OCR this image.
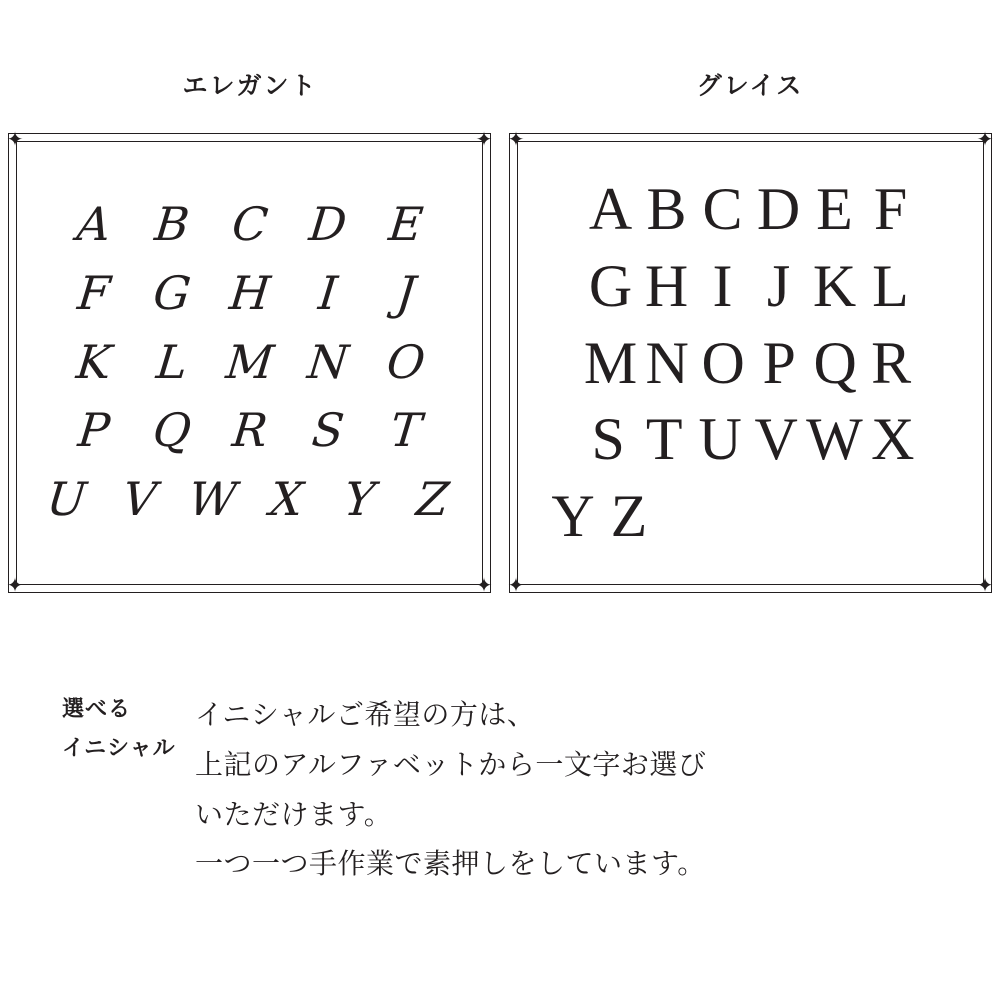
エレガント	グレイス
✦	✦
✦	✦
A B C D E
F G H I	J
K L M N O
P Q R S T
U V W X Y Z
✦	✦
✦	✦
A B C D E F
G H I J K L
M N O P Q R
S T U V W X
Y Z
選べる
イニシャル
イニシャルご希望の方は、
上記のアルファベットから一文字お選び
いただけます。
一つ一つ手作業で素押しをしています。
